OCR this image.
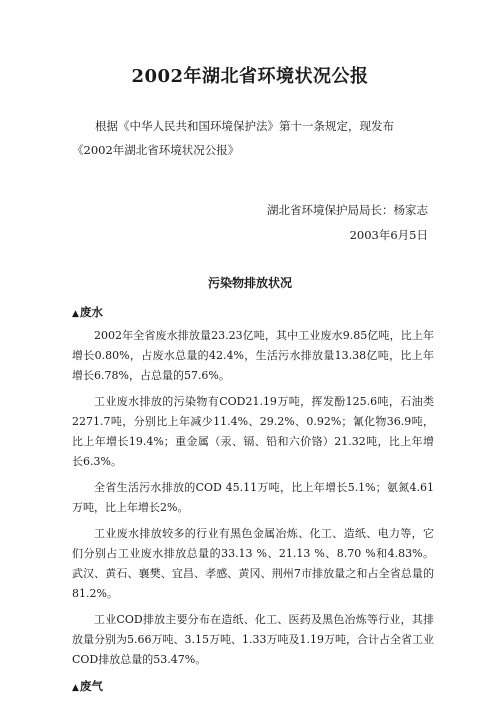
2002年湖北省环境状况公报
根据《中华人民共和国环境保护法》第十一条规定，现发布《2002年湖北省环境状况公报》
湖北省环境保护局局长：杨家志
2003年6月5日
污染物排放状况
▲废水

2002年全省废水排放量23.23亿吨，其中工业废水9.85亿吨，比上年增长0.80%，占废水总量的42.4%，生活污水排放量13.38亿吨，比上年增长6.78%，占总量的57.6%。

工业废水排放的污染物有COD21.19万吨，挥发酚125.6吨，石油类2271.7吨，分别比上年减少11.4%、29.2%、0.92%；氰化物36.9吨，比上年增长19.4%；重金属（汞、镉、铅和六价铬）21.32吨，比上年增长6.3%。

全省生活污水排放的COD 45.11万吨，比上年增长5.1%；氨氮4.61万吨，比上年增长2%。

工业废水排放较多的行业有黑色金属冶炼、化工、造纸、电力等，它们分别占工业废水排放总量的33.13 %、21.13 %、8.70 %和4.83%。武汉、黄石、襄樊、宜昌、孝感、黄冈、荆州7市排放量之和占全省总量的81.2%。

工业COD排放主要分布在造纸、化工、医药及黑色冶炼等行业，其排放量分别为5.66万吨、3.15万吨、1.33万吨及1.19万吨，合计占全省工业COD排放总量的53.47%。

▲废气
